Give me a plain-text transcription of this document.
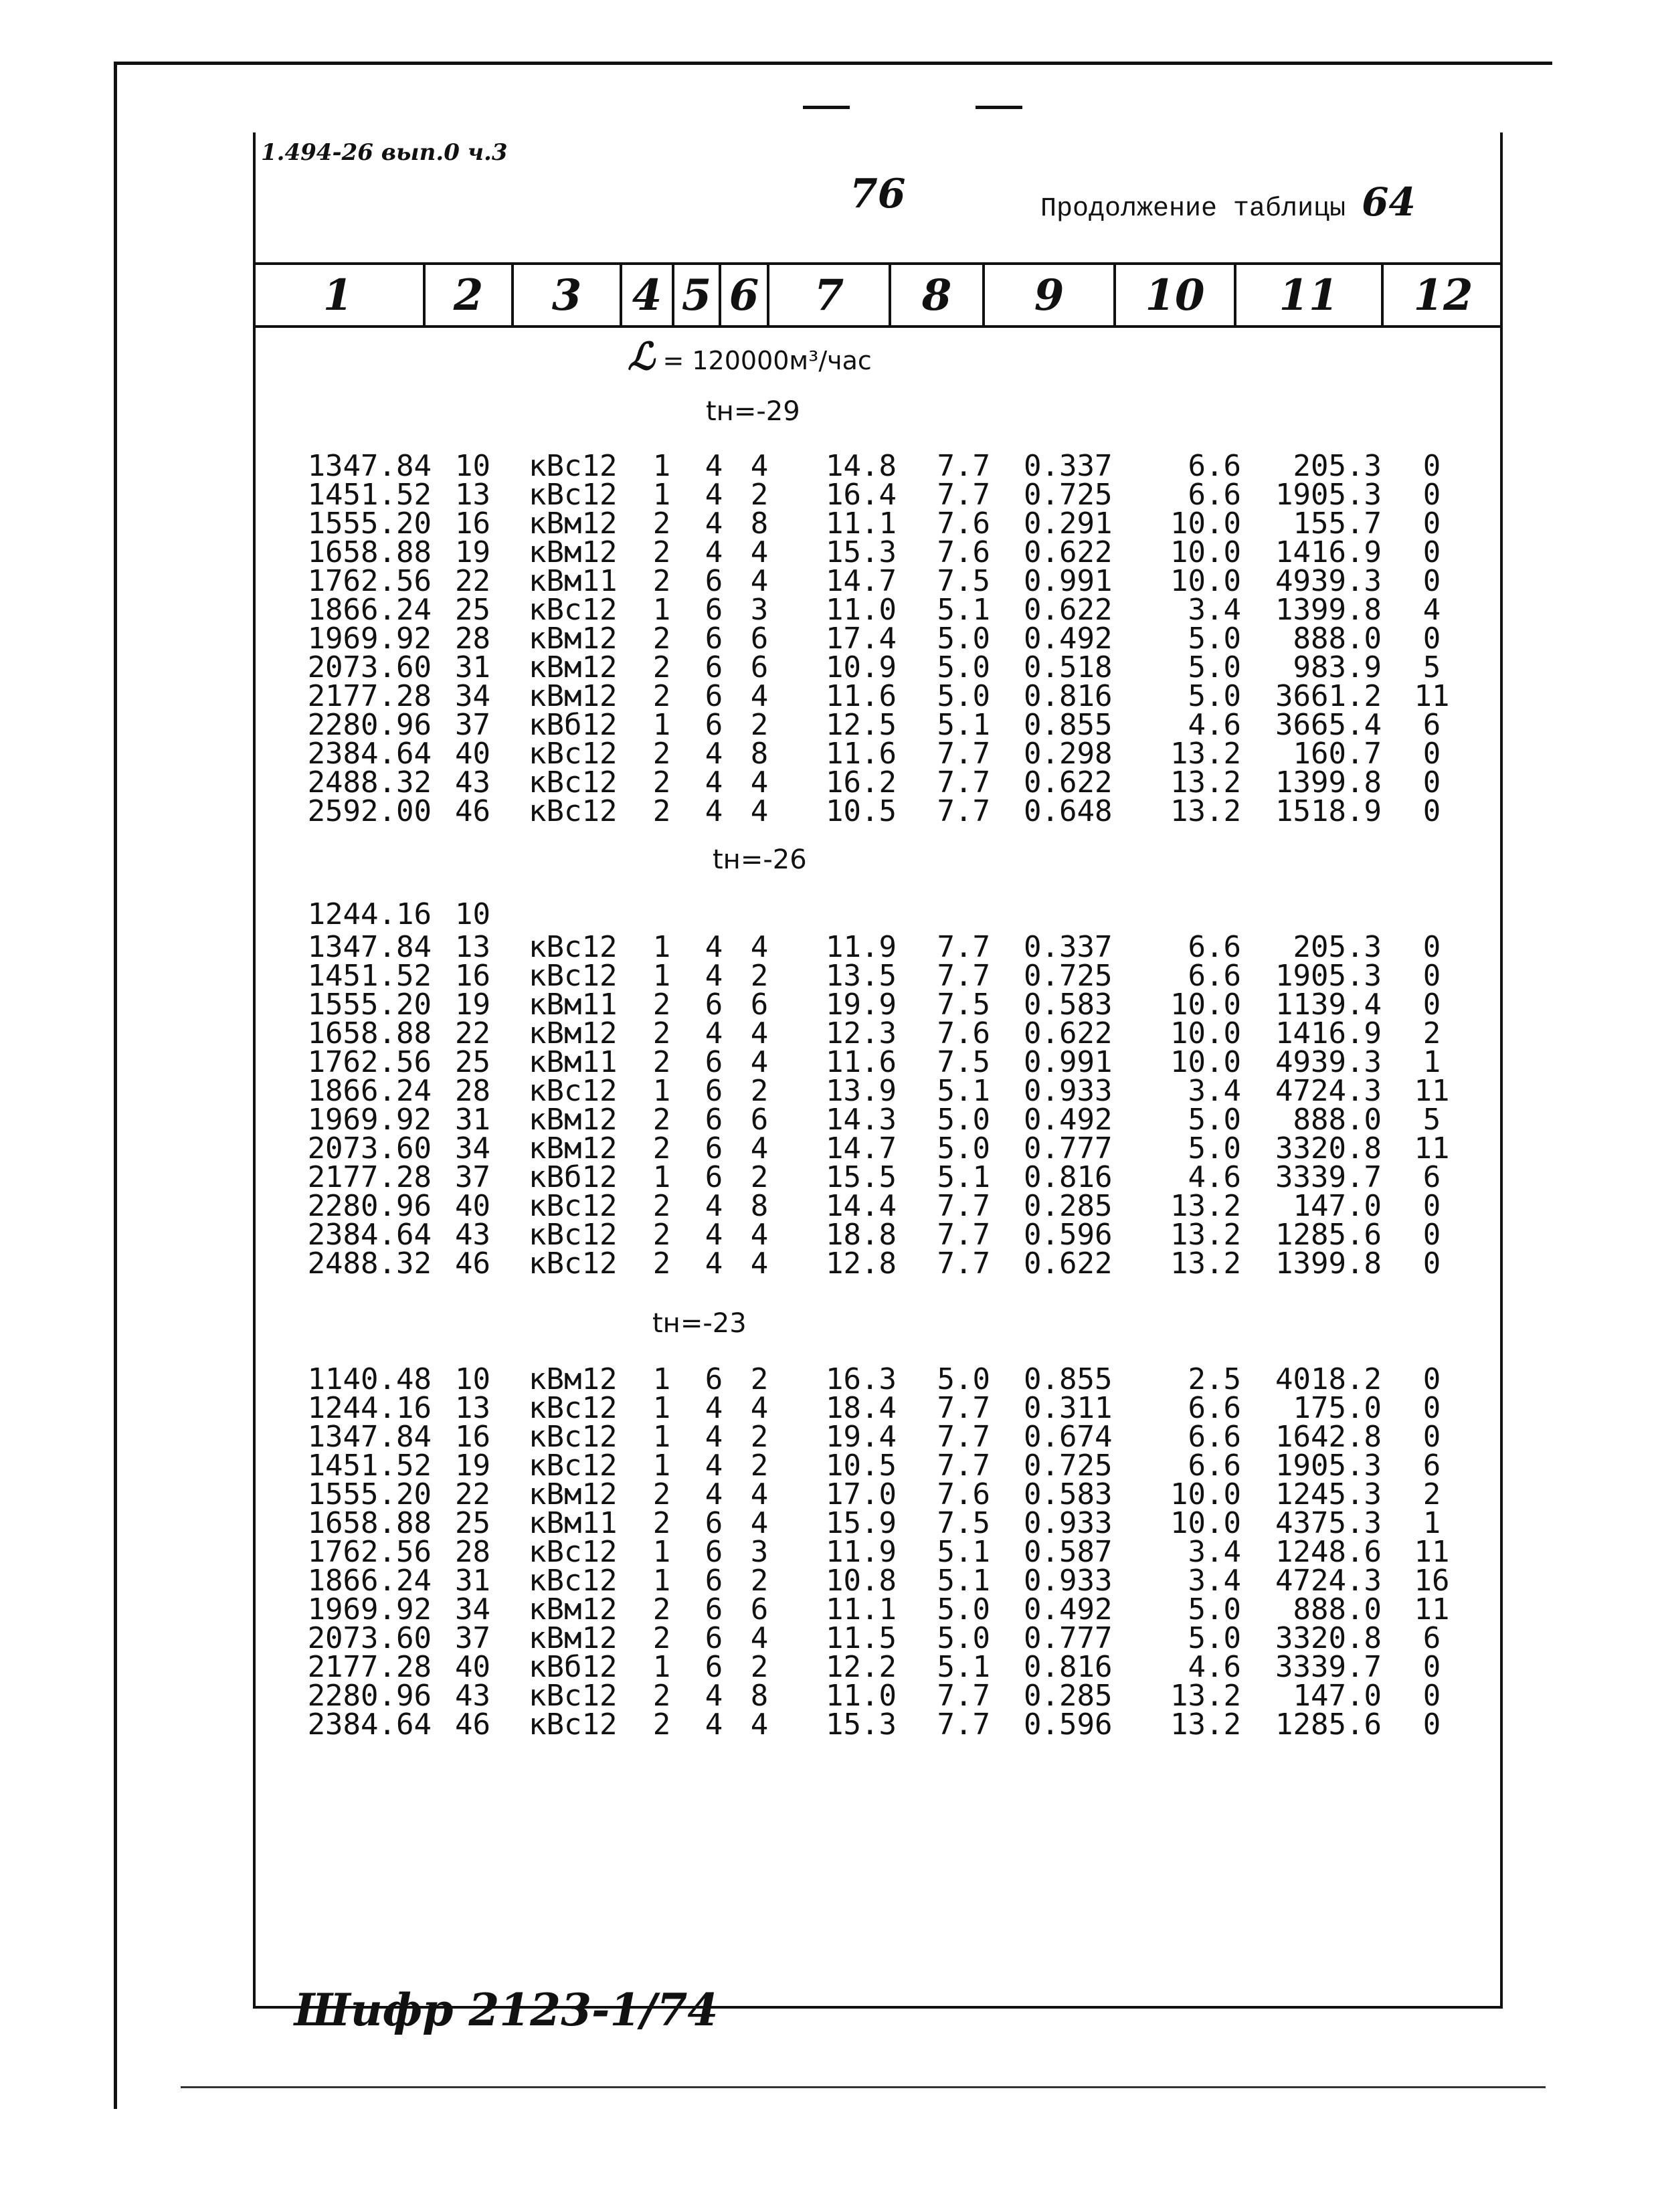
1.494-26 вып.0 ч.3
76	Продолжение таблицы 64
1	2	3	4 5 6	7	8	9	10	11	12
ℒ = 120000м³/час
tн=-29
1347.84 10	кВс12	1 4 4	14.8	7.7 0.337	6.6	205.3	0
1451.52 13	кВс12	1 4 2	16.4	7.7 0.725	6.6	1905.3	0
1555.20 16	кВм12	2 4 8	11.1	7.6 0.291	10.0	155.7	0
1658.88 19	кВм12	2 4 4	15.3	7.6 0.622	10.0	1416.9	0
1762.56 22	кВм11	2 6 4	14.7	7.5 0.991	10.0	4939.3	0
1866.24 25	кВс12	1 6 3	11.0	5.1 0.622	3.4	1399.8	4
1969.92 28	кВм12	2 6 6	17.4	5.0 0.492	5.0	888.0	0
2073.60 31	кВм12	2 6 6	10.9	5.0 0.518	5.0	983.9	5
2177.28 34	кВм12	2 6 4	11.6	5.0 0.816	5.0	3661.2 11
2280.96 37	кВб12	1 6 2	12.5	5.1 0.855	4.6	3665.4	6
2384.64 40	кВс12	2 4 8	11.6	7.7 0.298	13.2	160.7	0
2488.32 43	кВс12	2 4 4	16.2	7.7 0.622	13.2	1399.8	0
2592.00 46	кВс12	2 4 4	10.5	7.7 0.648	13.2	1518.9	0
tн=-26
1244.16 10
1347.84 13	кВс12	1 4 4	11.9	7.7 0.337	6.6	205.3	0
1451.52 16	кВс12	1 4 2	13.5	7.7 0.725	6.6	1905.3	0
1555.20 19	кВм11	2 6 6	19.9	7.5 0.583	10.0	1139.4	0
1658.88 22	кВм12	2 4 4	12.3	7.6 0.622	10.0	1416.9	2
1762.56 25	кВм11	2 6 4	11.6	7.5 0.991	10.0	4939.3	1
1866.24 28	кВс12	1 6 2	13.9	5.1 0.933	3.4	4724.3 11
1969.92 31	кВм12	2 6 6	14.3	5.0 0.492	5.0	888.0	5
2073.60 34	кВм12	2 6 4	14.7	5.0 0.777	5.0	3320.8 11
2177.28 37	кВб12	1 6 2	15.5	5.1 0.816	4.6	3339.7	6
2280.96 40	кВс12	2 4 8	14.4	7.7 0.285	13.2	147.0	0
2384.64 43	кВс12	2 4 4	18.8	7.7 0.596	13.2	1285.6	0
2488.32 46	кВс12	2 4 4	12.8	7.7 0.622	13.2	1399.8	0
tн=-23
1140.48 10	кВм12	1 6 2	16.3	5.0 0.855	2.5	4018.2	0
1244.16 13	кВс12	1 4 4	18.4	7.7 0.311	6.6	175.0	0
1347.84 16	кВс12	1 4 2	19.4	7.7 0.674	6.6	1642.8	0
1451.52 19	кВс12	1 4 2	10.5	7.7 0.725	6.6	1905.3	6
1555.20 22	кВм12	2 4 4	17.0	7.6 0.583	10.0	1245.3	2
1658.88 25	кВм11	2 6 4	15.9	7.5 0.933	10.0	4375.3	1
1762.56 28	кВс12	1 6 3	11.9	5.1 0.587	3.4	1248.6 11
1866.24 31	кВс12	1 6 2	10.8	5.1 0.933	3.4	4724.3 16
1969.92 34	кВм12	2 6 6	11.1	5.0 0.492	5.0	888.0 11
2073.60 37	кВм12	2 6 4	11.5	5.0 0.777	5.0	3320.8	6
2177.28 40	кВб12	1 6 2	12.2	5.1 0.816	4.6	3339.7	0
2280.96 43	кВс12	2 4 8	11.0	7.7 0.285	13.2	147.0	0
2384.64 46	кВс12	2 4 4	15.3	7.7 0.596	13.2	1285.6	0
Шифр 2123-1/74
